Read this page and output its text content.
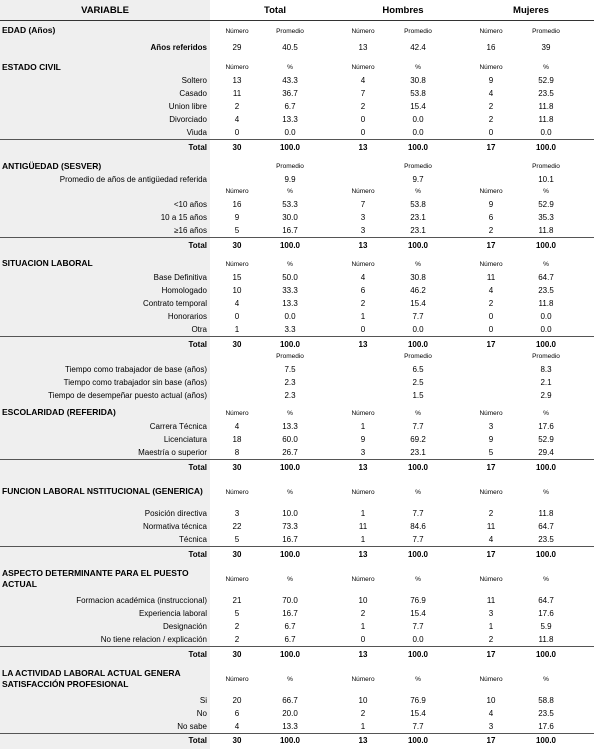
VARIABLE	Total	Hombres	Mujeres
EDAD (Años)	Número	Promedio	Número	Promedio	Número	Promedio
Años referidos	29	40.5	13	42.4	16	39
ESTADO CIVIL	Número	%	Número	%	Número	%
Soltero	13	43.3	4	30.8	9	52.9
Casado	11	36.7	7	53.8	4	23.5
Union libre	2	6.7	2	15.4	2	11.8
Divorciado	4	13.3	0	0.0	2	11.8
Viuda	0	0.0	0	0.0	0	0.0
Total	30	100.0	13	100.0	17	100.0
ANTIGÜEDAD (SESVER)	Promedio	Promedio	Promedio
Promedio de años de antigüedad referida	9.9	9.7	10.1
Número	%	Número	%	Número	%
<10 años	16	53.3	7	53.8	9	52.9
10 a 15 años	9	30.0	3	23.1	6	35.3
≥16 años	5	16.7	3	23.1	2	11.8
Total	30	100.0	13	100.0	17	100.0
SITUACION LABORAL	Número	%	Número	%	Número	%
Base Definitiva	15	50.0	4	30.8	11	64.7
Homologado	10	33.3	6	46.2	4	23.5
Contrato temporal	4	13.3	2	15.4	2	11.8
Honorarios	0	0.0	1	7.7	0	0.0
Otra	1	3.3	0	0.0	0	0.0
Total	30	100.0	13	100.0	17	100.0
Promedio	Promedio	Promedio
Tiempo como trabajador de base (años)	7.5	6.5	8.3
Tiempo como trabajador sin base (años)	2.3	2.5	2.1
Tiempo de desempeñar puesto actual (años)	2.3	1.5	2.9
ESCOLARIDAD (REFERIDA)	Número	%	Número	%	Número	%
Carrera Técnica	4	13.3	1	7.7	3	17.6
Licenciatura	18	60.0	9	69.2	9	52.9
Maestría o superior	8	26.7	3	23.1	5	29.4
Total	30	100.0	13	100.0	17	100.0
FUNCION LABORAL NSTITUCIONAL (GENERICA)	Número	%	Número	%	Número	%
Posición directiva	3	10.0	1	7.7	2	11.8
Normativa técnica	22	73.3	11	84.6	11	64.7
Técnica	5	16.7	1	7.7	4	23.5
Total	30	100.0	13	100.0	17	100.0
ASPECTO DETERMINANTE PARA EL PUESTO ACTUAL	Número	%	Número	%	Número	%
Formacion académica (instruccional)	21	70.0	10	76.9	11	64.7
Experiencia laboral	5	16.7	2	15.4	3	17.6
Designación	2	6.7	1	7.7	1	5.9
No tiene relacion / explicación	2	6.7	0	0.0	2	11.8
Total	30	100.0	13	100.0	17	100.0
LA ACTIVIDAD LABORAL ACTUAL GENERA SATISFACCIÓN PROFESIONAL	Número	%	Número	%	Número	%
Si	20	66.7	10	76.9	10	58.8
No	6	20.0	2	15.4	4	23.5
No sabe	4	13.3	1	7.7	3	17.6
Total	30	100.0	13	100.0	17	100.0
